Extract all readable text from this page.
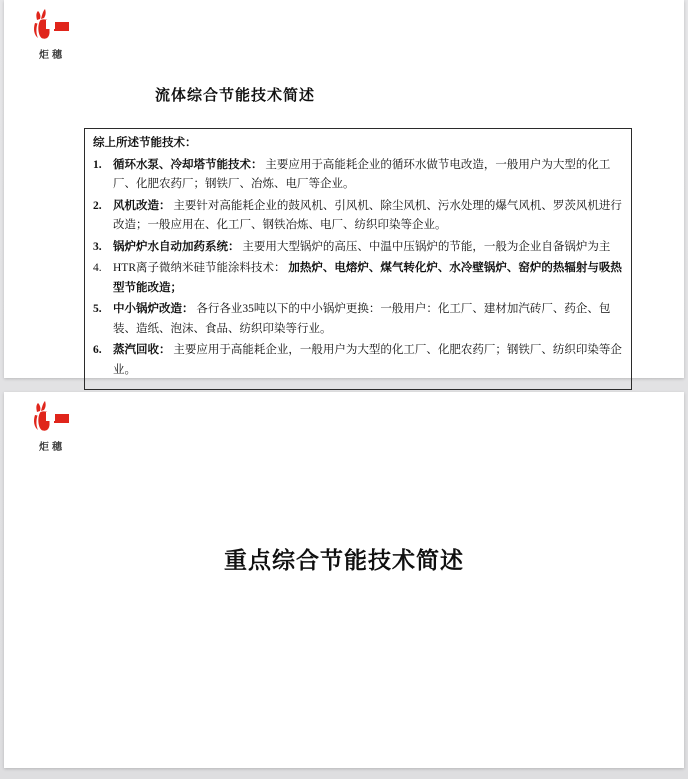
炬穗
流体综合节能技术简述

综上所述节能技术：

1. 循环水泵、冷却塔节能技术： 主要应用于高能耗企业的循环水做节电改造，一般用户为大型的化工厂、化肥农药厂；钢铁厂、冶炼、电厂等企业。
2. 风机改造： 主要针对高能耗企业的鼓风机、引风机、除尘风机、污水处理的爆气风机、罗茨风机进行改造；一般应用在、化工厂、钢铁冶炼、电厂、纺织印染等企业。
3. 锅炉炉水自动加药系统： 主要用大型锅炉的高压、中温中压锅炉的节能，一般为企业自备锅炉为主
4. HTR离子微纳米硅节能涂料技术： 加热炉、电熔炉、煤气转化炉、水冷壁锅炉、窑炉的热辐射与吸热型节能改造；
5. 中小锅炉改造： 各行各业35吨以下的中小锅炉更换：一般用户：化工厂、建材加汽砖厂、药企、包装、造纸、泡沫、食品、纺织印染等行业。
6. 蒸汽回收： 主要应用于高能耗企业，一般用户为大型的化工厂、化肥农药厂；钢铁厂、纺织印染等企业。
炬穗
重点综合节能技术简述
